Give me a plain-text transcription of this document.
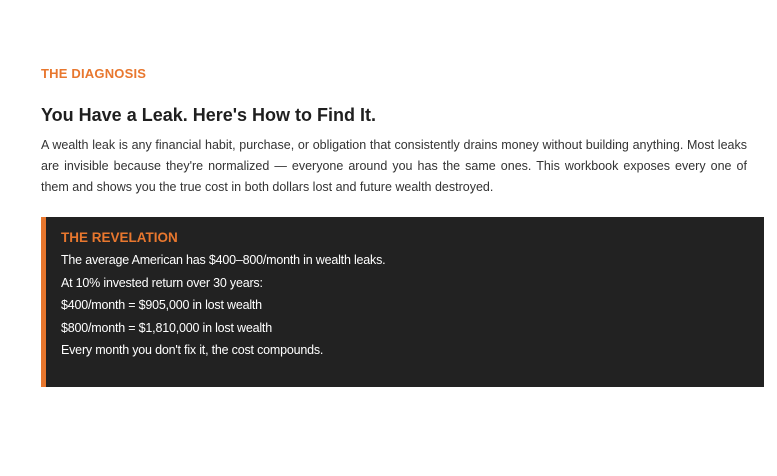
THE DIAGNOSIS

You Have a Leak. Here's How to Find It.

A wealth leak is any financial habit, purchase, or obligation that consistently drains money without building anything. Most leaks are invisible because they're normalized — everyone around you has the same ones. This workbook exposes every one of them and shows you the true cost in both dollars lost and future wealth destroyed.

THE REVELATION

The average American has $400–800/month in wealth leaks.
At 10% invested return over 30 years:
$400/month = $905,000 in lost wealth
$800/month = $1,810,000 in lost wealth
Every month you don't fix it, the cost compounds.
